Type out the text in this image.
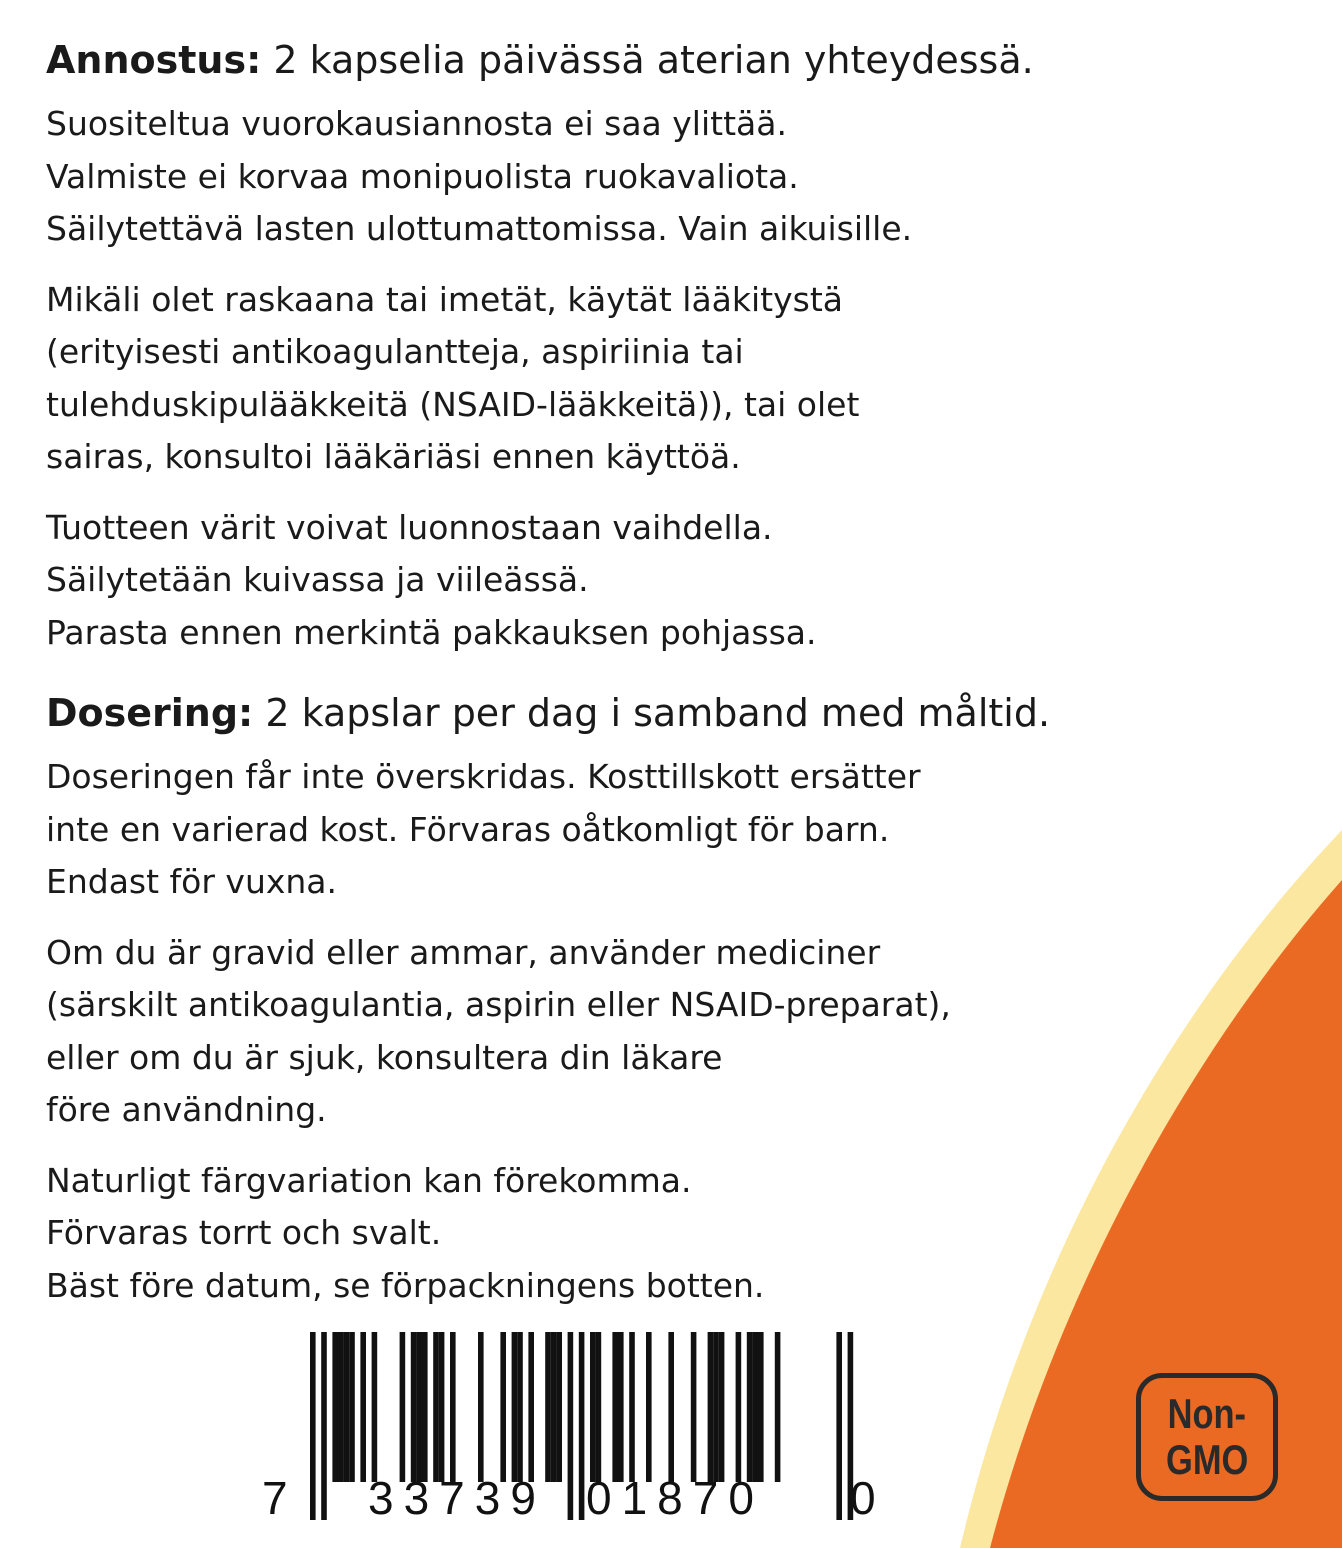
Annostus: 2 kapselia päivässä aterian yhteydessä.
Suositeltua vuorokausiannosta ei saa ylittää.
Valmiste ei korvaa monipuolista ruokavaliota.
Säilytettävä lasten ulottumattomissa. Vain aikuisille.
Mikäli olet raskaana tai imetät, käytät lääkitystä
(erityisesti antikoagulantteja, aspiriinia tai
tulehduskipulääkkeitä (NSAID-lääkkeitä)), tai olet
sairas, konsultoi lääkäriäsi ennen käyttöä.
Tuotteen värit voivat luonnostaan vaihdella.
Säilytetään kuivassa ja viileässä.
Parasta ennen merkintä pakkauksen pohjassa.
Dosering: 2 kapslar per dag i samband med måltid.
Doseringen får inte överskridas. Kosttillskott ersätter
inte en varierad kost. Förvaras oåtkomligt för barn.
Endast för vuxna.
Om du är gravid eller ammar, använder mediciner
(särskilt antikoagulantia, aspirin eller NSAID-preparat),
eller om du är sjuk, konsultera din läkare
före användning.
Naturligt färgvariation kan förekomma.
Förvaras torrt och svalt.
Bäst före datum, se förpackningens botten.
7 33739 01870 0
Non-
GMO
